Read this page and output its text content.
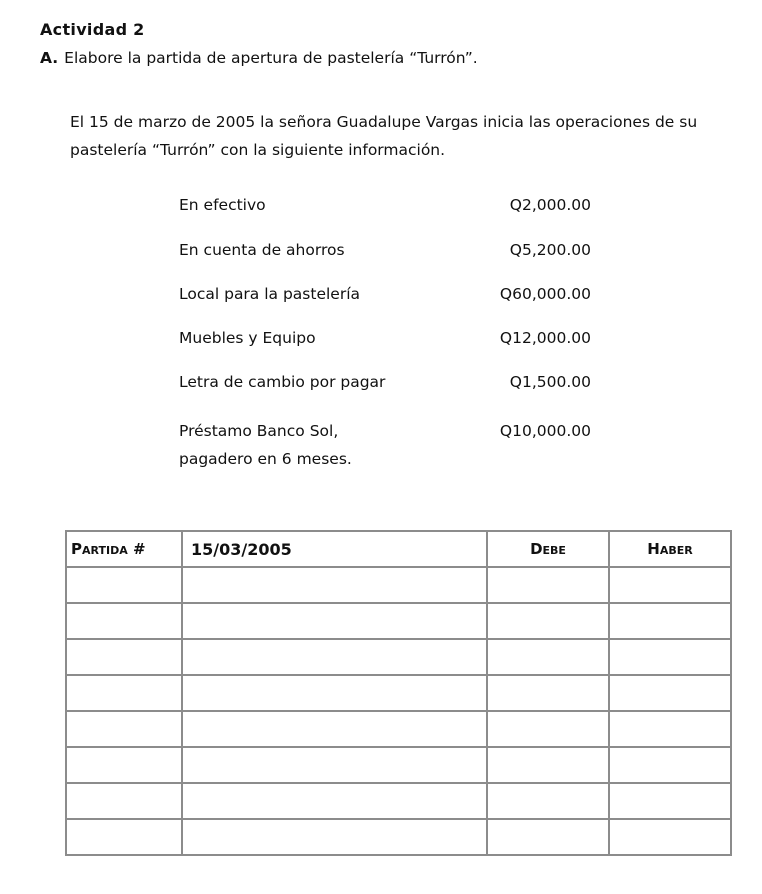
Actividad 2
A. Elabore la partida de apertura de pastelería “Turrón”.
El 15 de marzo de 2005 la señora Guadalupe Vargas inicia las operaciones de su pastelería “Turrón” con la siguiente información.
En efectivo	Q2,000.00
En cuenta de ahorros	Q5,200.00
Local para la pastelería	Q60,000.00
Muebles y Equipo	Q12,000.00
Letra de cambio por pagar	Q1,500.00
Préstamo Banco Sol,
pagadero en 6 meses.
Q10,000.00
Partida #	15/03/2005	Debe	Haber
